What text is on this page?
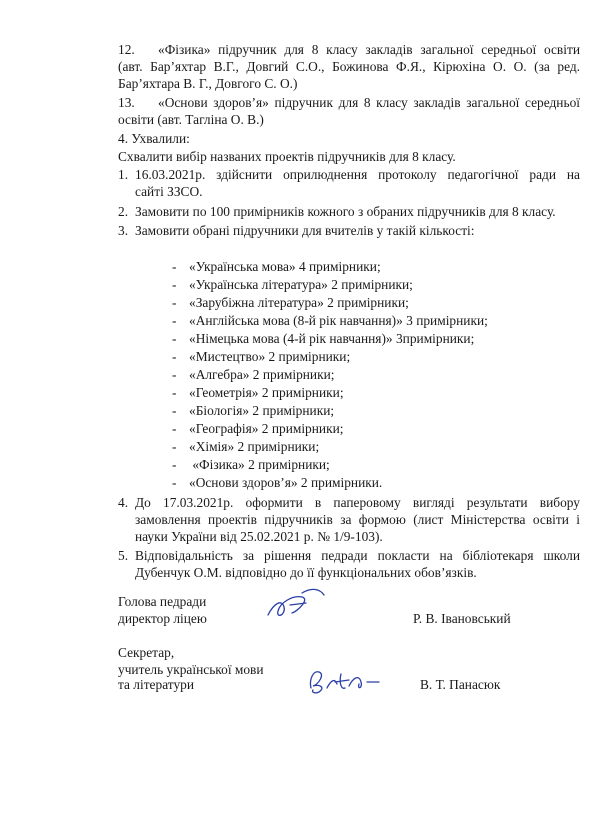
12. «Фізика» підручник для 8 класу закладів загальної середньої освіти
(авт. Бар’яхтар В.Г., Довгий С.О., Божинова Ф.Я., Кірюхіна О. О. (за ред.
Бар’яхтара В. Г., Довгого С. О.)
13. «Основи здоров’я» підручник для 8 класу закладів загальної середньої
освіти (авт. Таглінa О. В.)
4. Ухвалили:
Схвалити вибір названих проектів підручників для 8 класу.
1. 16.03.2021р. здійснити оприлюднення протоколу педагогічної ради на
сайті ЗЗСО.
2. Замовити по 100 примірників кожного з обраних підручників для 8 класу.
3. Замовити обрані підручники для вчителів у такій кількості:
- «Українська мова» 4 примірники;
- «Українська література» 2 примірники;
- «Зарубіжна література» 2 примірники;
- «Англійська мова (8-й рік навчання)» 3 примірники;
- «Німецька мова (4-й рік навчання)» 3примірники;
- «Мистецтво» 2 примірники;
- «Алгебра» 2 примірники;
- «Геометрія» 2 примірники;
- «Біологія» 2 примірники;
- «Географія» 2 примірники;
- «Хімія» 2 примірники;
- «Фізика» 2 примірники;
- «Основи здоров’я» 2 примірники.
4. До 17.03.2021р. оформити в паперовому вигляді результати вибору
замовлення проектів підручників за формою (лист Міністерства освіти і
науки України від 25.02.2021 р. № 1/9-103).
5. Відповідальність за рішення педради покласти на бібліотекаря школи
Дубенчук О.М. відповідно до її функціональних обов’язків.
Голова педради
директор ліцею	Р. В. Івановський
Секретар,
учитель української мови
та літератури	В. Т. Панасюк
